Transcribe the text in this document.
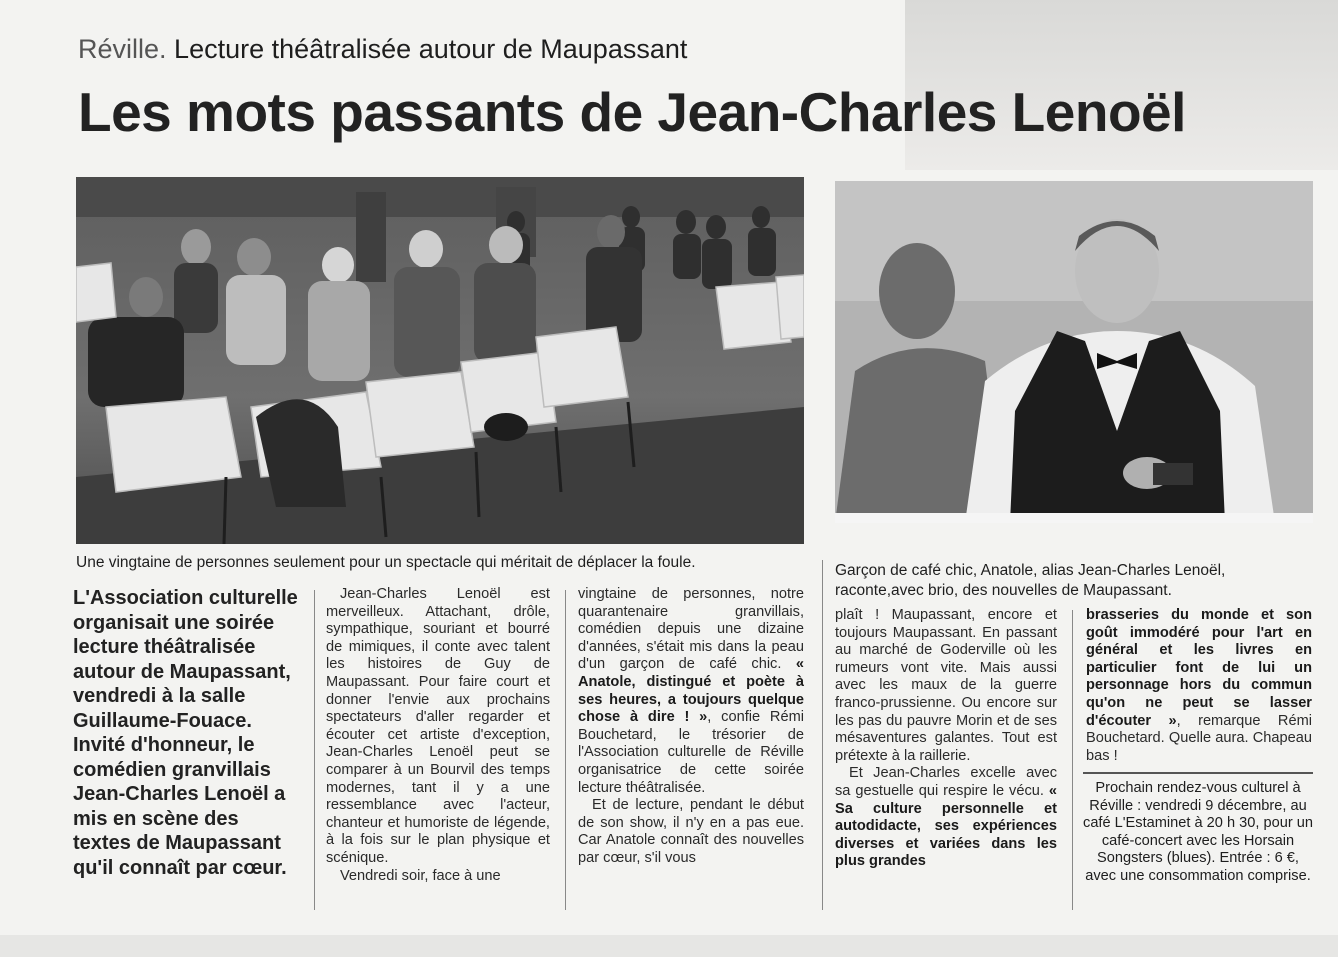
Réville. Lecture théâtralisée autour de Maupassant
Les mots passants de Jean-Charles Lenoël
Une vingtaine de personnes seulement pour un spectacle qui méritait de déplacer la foule.	Garçon de café chic, Anatole, alias Jean-Charles Lenoël, raconte,avec brio, des nouvelles de Maupassant.
L'Association culturelle organisait une soirée lecture théâtralisée autour de Maupassant, vendredi à la salle Guillaume-Fouace. Invité d'honneur, le comédien granvillais Jean-Charles Lenoël a mis en scène des textes de Maupassant qu'il connaît par cœur.

Jean-Charles Lenoël est merveilleux. Attachant, drôle, sympathique, souriant et bourré de mimiques, il conte avec talent les histoires de Guy de Maupassant. Pour faire court et donner l'envie aux prochains spectateurs d'aller regarder et écouter cet artiste d'exception, Jean-Charles Lenoël peut se comparer à un Bourvil des temps modernes, tant il y a une ressemblance avec l'acteur, chanteur et humoriste de légende, à la fois sur le plan physique et scénique.

Vendredi soir, face à une

vingtaine de personnes, notre quarantenaire granvillais, comédien depuis une dizaine d'années, s'était mis dans la peau d'un garçon de café chic. « Anatole, distingué et poète à ses heures, a toujours quelque chose à dire ! », confie Rémi Bouchetard, le trésorier de l'Association culturelle de Réville organisatrice de cette soirée lecture théâtralisée.

Et de lecture, pendant le début de son show, il n'y en a pas eue. Car Anatole connaît des nouvelles par cœur, s'il vous

plaît ! Maupassant, encore et toujours Maupassant. En passant au marché de Goderville où les rumeurs vont vite. Mais aussi avec les maux de la guerre franco-prussienne. Ou encore sur les pas du pauvre Morin et de ses mésaventures galantes. Tout est prétexte à la raillerie.

Et Jean-Charles excelle avec sa gestuelle qui respire le vécu. « Sa culture personnelle et autodidacte, ses expériences diverses et variées dans les plus grandes

brasseries du monde et son goût immodéré pour l'art en général et les livres en particulier font de lui un personnage hors du commun qu'on ne peut se lasser d'écouter », remarque Rémi Bouchetard. Quelle aura. Chapeau bas !

Prochain rendez-vous culturel à Réville : vendredi 9 décembre, au café L'Estaminet à 20 h 30, pour un café-concert avec les Horsain Songsters (blues). Entrée : 6 €, avec une consommation comprise.
